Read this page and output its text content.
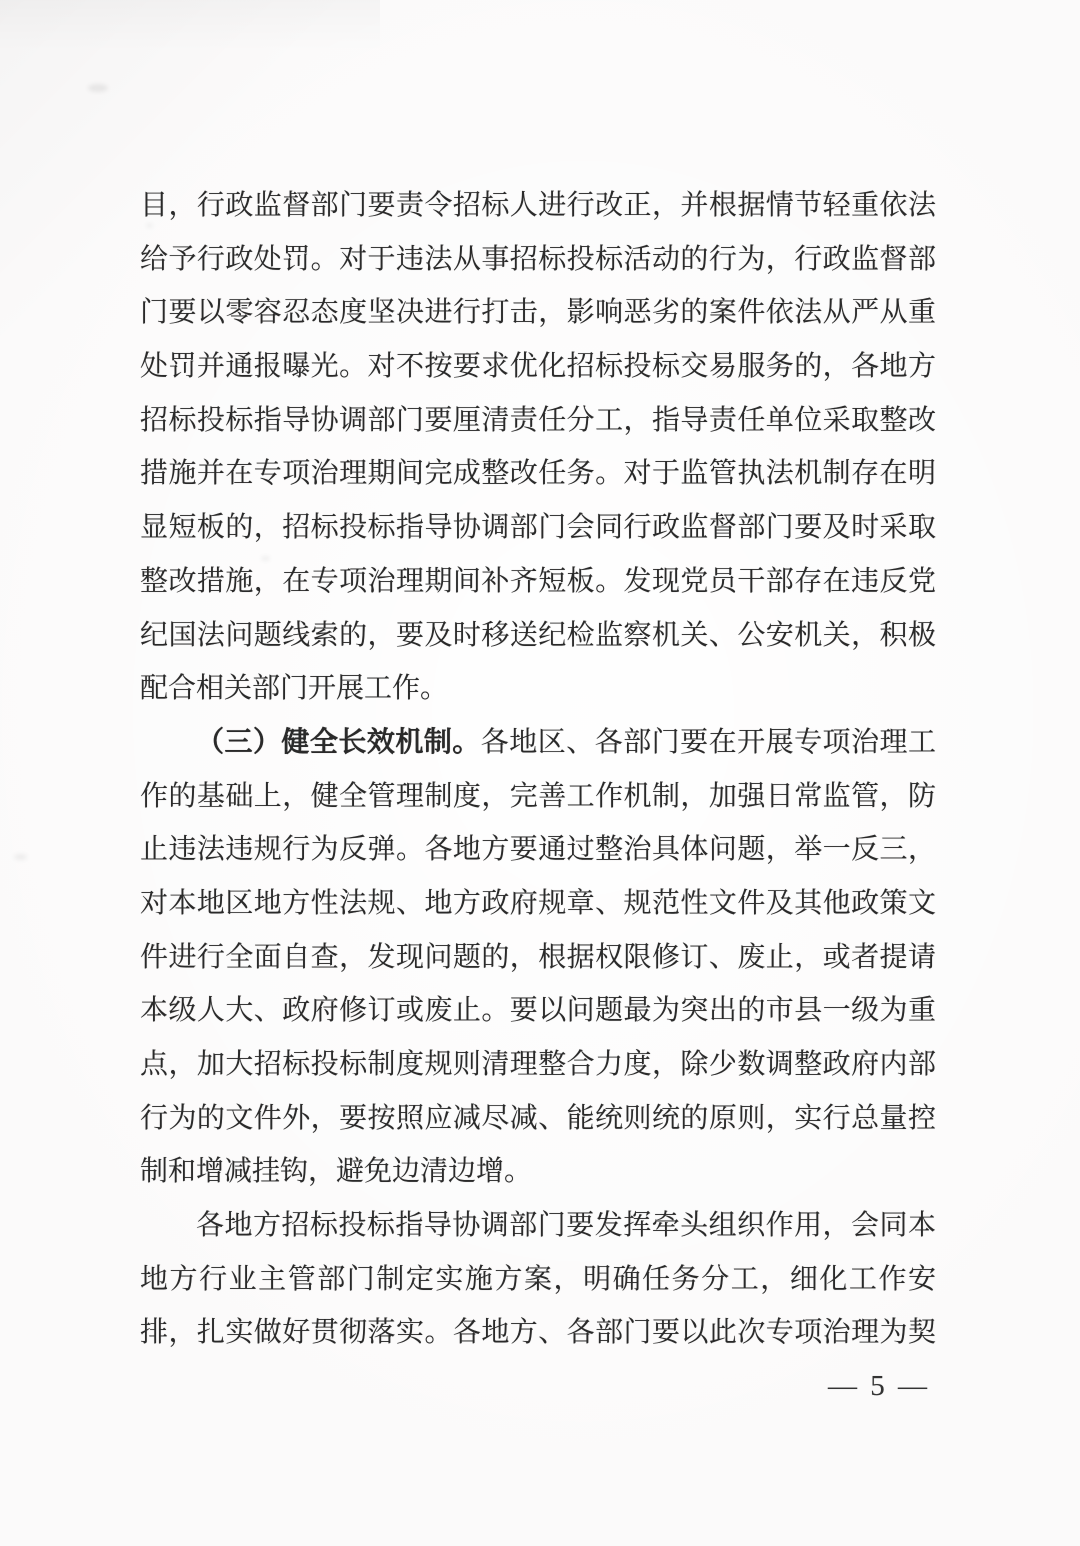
目，行政监督部门要责令招标人进行改正，并根据情节轻重依法
给予行政处罚。对于违法从事招标投标活动的行为，行政监督部
门要以零容忍态度坚决进行打击，影响恶劣的案件依法从严从重
处罚并通报曝光。对不按要求优化招标投标交易服务的，各地方
招标投标指导协调部门要厘清责任分工，指导责任单位采取整改
措施并在专项治理期间完成整改任务。对于监管执法机制存在明
显短板的，招标投标指导协调部门会同行政监督部门要及时采取
整改措施，在专项治理期间补齐短板。发现党员干部存在违反党
纪国法问题线索的，要及时移送纪检监察机关、公安机关，积极
配合相关部门开展工作。
（三）健全长效机制。各地区、各部门要在开展专项治理工
作的基础上，健全管理制度，完善工作机制，加强日常监管，防
止违法违规行为反弹。各地方要通过整治具体问题，举一反三，
对本地区地方性法规、地方政府规章、规范性文件及其他政策文
件进行全面自查，发现问题的，根据权限修订、废止，或者提请
本级人大、政府修订或废止。要以问题最为突出的市县一级为重
点，加大招标投标制度规则清理整合力度，除少数调整政府内部
行为的文件外，要按照应减尽减、能统则统的原则，实行总量控
制和增减挂钩，避免边清边增。
各地方招标投标指导协调部门要发挥牵头组织作用，会同本
地方行业主管部门制定实施方案，明确任务分工，细化工作安
排，扎实做好贯彻落实。各地方、各部门要以此次专项治理为契
— 5 —
